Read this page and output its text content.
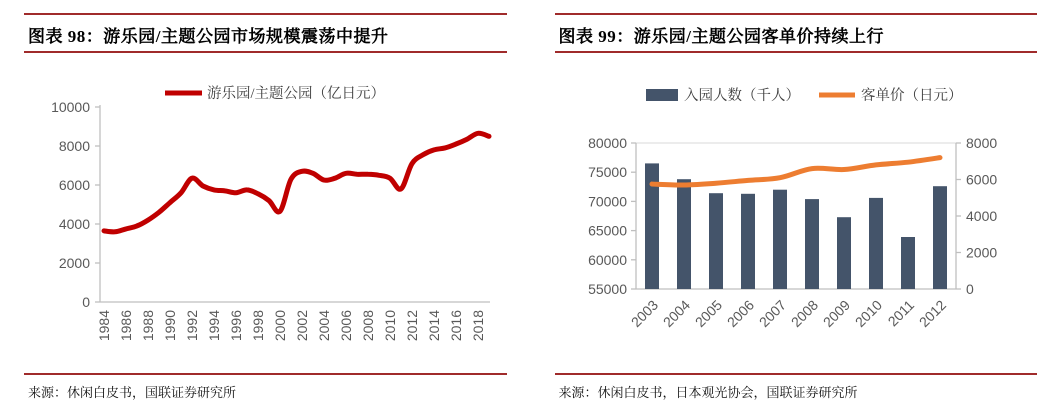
图表 98：游乐园/主题公园市场规模震荡中提升
游乐园/主题公园（亿日元）
0
2000
4000
6000
8000
10000
1984 1986 1988 1990 1992 1994 1996 1998 2000 2002 2004 2006 2008 2010 2012 2014 2016 2018

来源：休闲白皮书，国联证券研究所

图表 99：游乐园/主题公园客单价持续上行
入园人数（千人）	客单价（日元）
55000
60000
65000
70000
75000
80000
0
2000
4000
6000
8000
2003
2004
2005
2006
2007
2008
2009
2010 2011
2012

来源：休闲白皮书，日本观光协会，国联证券研究所
